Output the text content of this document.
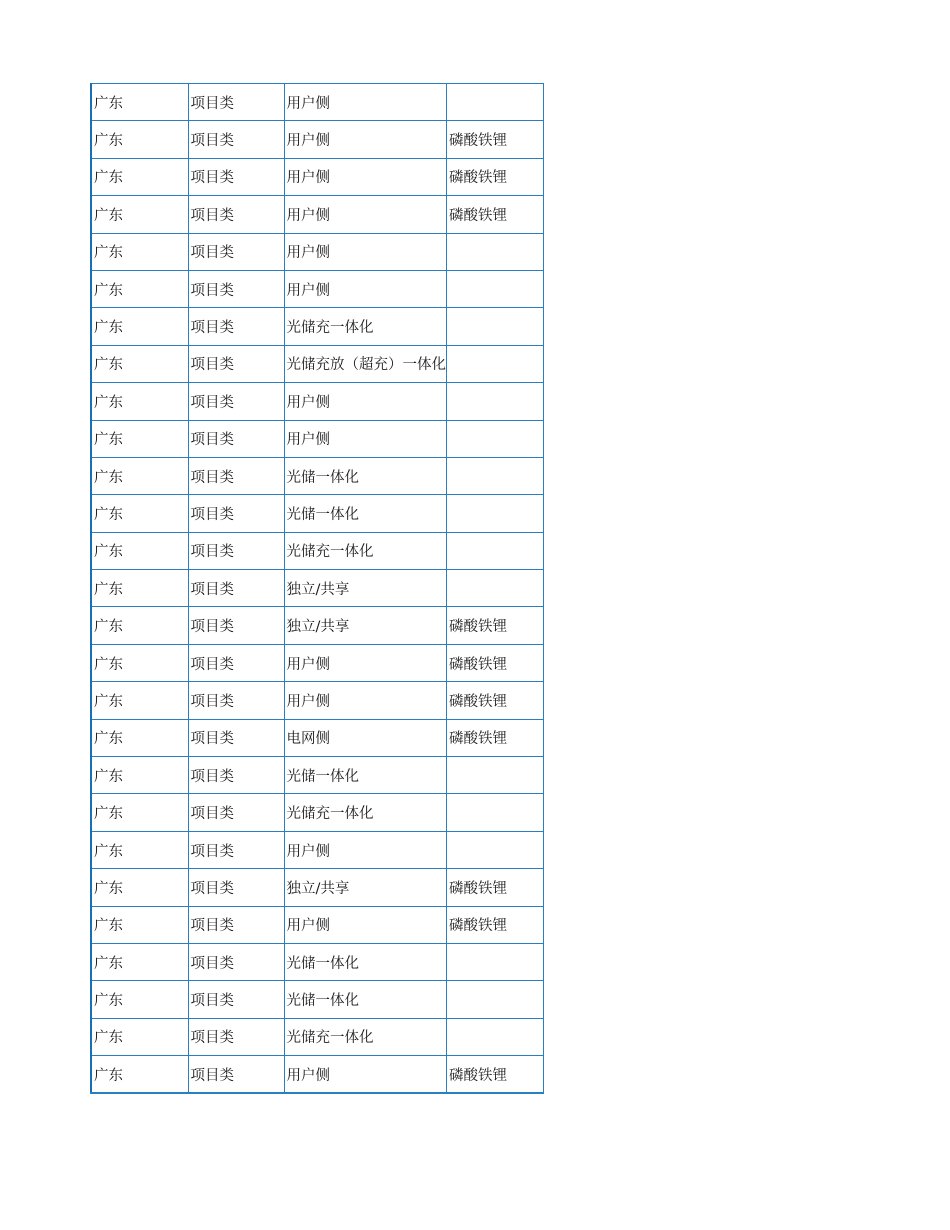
广东	项目类	用户侧	
广东	项目类	用户侧	磷酸铁锂
广东	项目类	用户侧	磷酸铁锂
广东	项目类	用户侧	磷酸铁锂
广东	项目类	用户侧	
广东	项目类	用户侧	
广东	项目类	光储充一体化	
广东	项目类	光储充放（超充）一体化	
广东	项目类	用户侧	
广东	项目类	用户侧	
广东	项目类	光储一体化	
广东	项目类	光储一体化	
广东	项目类	光储充一体化	
广东	项目类	独立/共享	
广东	项目类	独立/共享	磷酸铁锂
广东	项目类	用户侧	磷酸铁锂
广东	项目类	用户侧	磷酸铁锂
广东	项目类	电网侧	磷酸铁锂
广东	项目类	光储一体化	
广东	项目类	光储充一体化	
广东	项目类	用户侧	
广东	项目类	独立/共享	磷酸铁锂
广东	项目类	用户侧	磷酸铁锂
广东	项目类	光储一体化	
广东	项目类	光储一体化	
广东	项目类	光储充一体化	
广东	项目类	用户侧	磷酸铁锂
